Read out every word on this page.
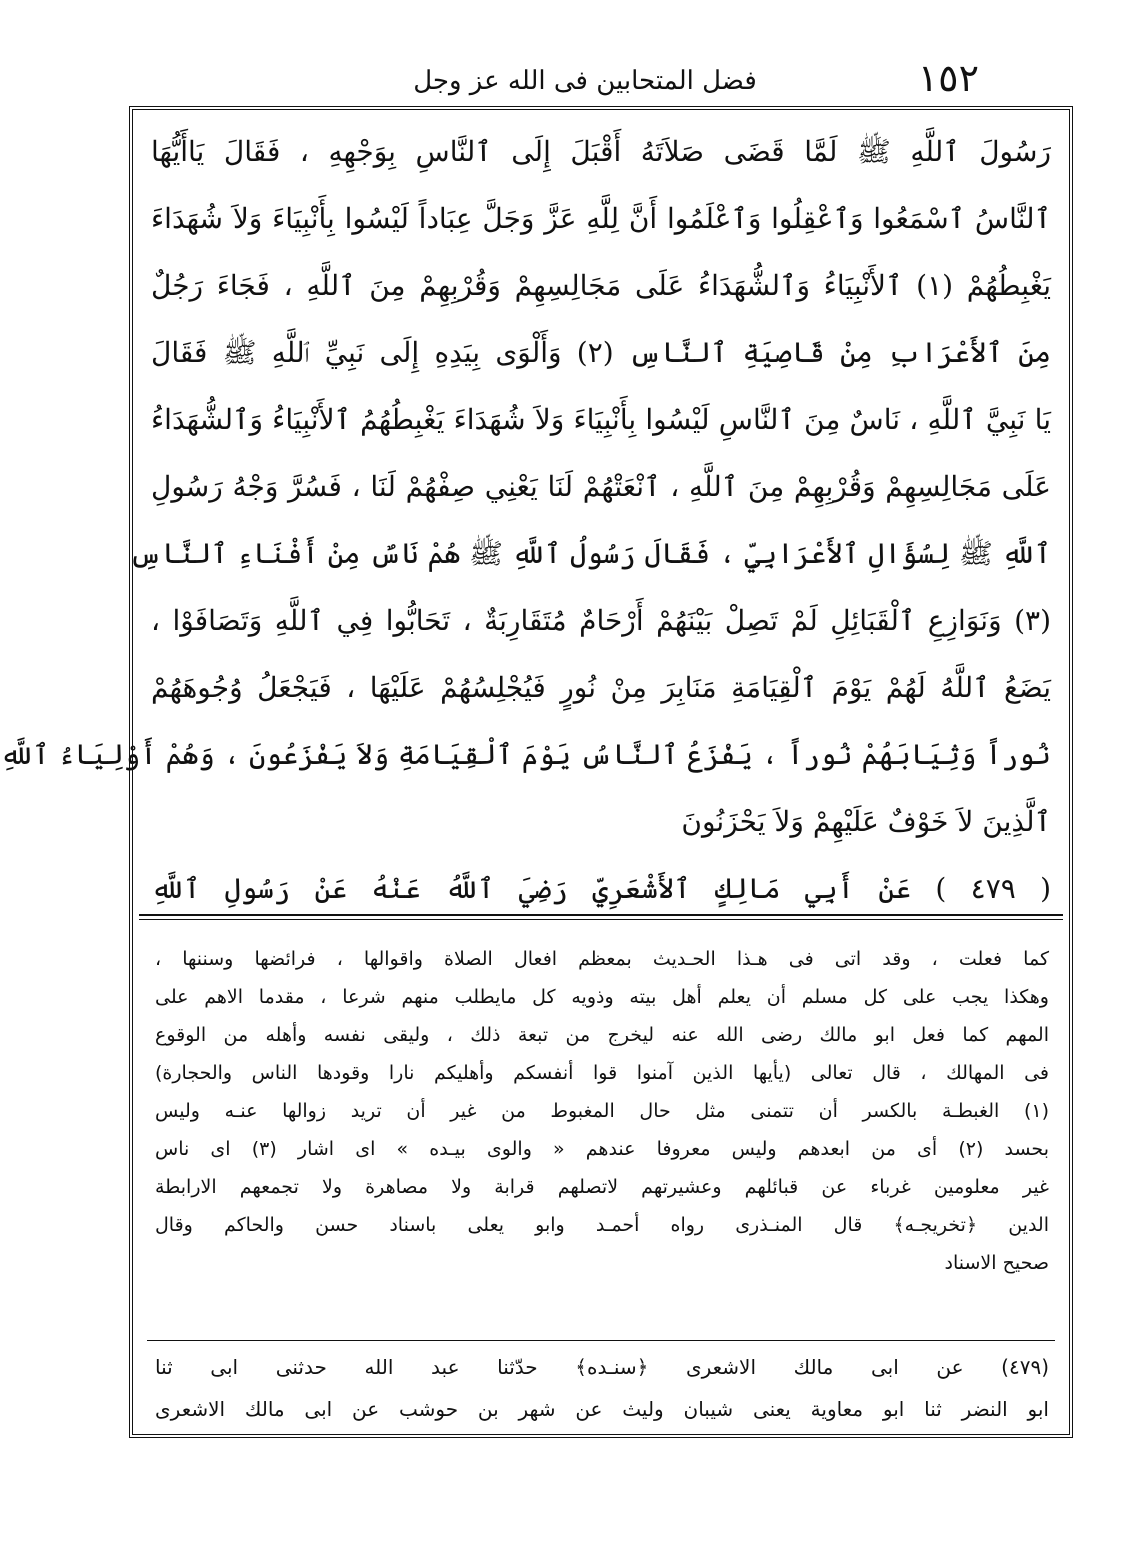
١٥٢
فضل المتحابين فى الله عز وجل
رَسُولَ ٱللَّهِ ﷺ لَمَّا قَضَى صَلاَتَهُ أَقْبَلَ إِلَى ٱلنَّاسِ بِوَجْهِهِ ، فَقَالَ يَاأَيُّهَا
ٱلنَّاسُ ٱسْمَعُوا وَٱعْقِلُوا وَٱعْلَمُوا أَنَّ لِلَّهِ عَزَّ وَجَلَّ عِبَاداً لَيْسُوا بِأَنْبِيَاءَ وَلاَ شُهَدَاءَ
يَغْبِطُهُمْ (١) ٱلأَنْبِيَاءُ وَٱلشُّهَدَاءُ عَلَى مَجَالِسِهِمْ وَقُرْبِهِمْ مِنَ ٱللَّهِ ، فَجَاءَ رَجُلٌ
مِنَ ٱلأَعْرَابِ مِنْ قَاصِيَةِ ٱلنَّاسِ (٢) وَأَلْوَى بِيَدِهِ إِلَى نَبِيِّ ٱللَّهِ ﷺ فَقَالَ
يَا نَبِيَّ ٱللَّهِ ، نَاسٌ مِنَ ٱلنَّاسِ لَيْسُوا بِأَنْبِيَاءَ وَلاَ شُهَدَاءَ يَغْبِطُهُمُ ٱلأَنْبِيَاءُ وَٱلشُّهَدَاءُ
عَلَى مَجَالِسِهِمْ وَقُرْبِهِمْ مِنَ ٱللَّهِ ، ٱنْعَتْهُمْ لَنَا يَعْنِي صِفْهُمْ لَنَا ، فَسُرَّ وَجْهُ رَسُولِ
ٱللَّهِ ﷺ لِسُؤَالِ ٱلأَعْرَابِيِّ ، فَقَالَ رَسُولُ ٱللَّهِ ﷺ هُمْ نَاسٌ مِنْ أَفْنَاءِ ٱلنَّاسِ
(٣) وَنَوَازِعِ ٱلْقَبَائِلِ لَمْ تَصِلْ بَيْنَهُمْ أَرْحَامٌ مُتَقَارِبَةٌ ، تَحَابُّوا فِي ٱللَّهِ وَتَصَافَوْا ،
يَضَعُ ٱللَّهُ لَهُمْ يَوْمَ ٱلْقِيَامَةِ مَنَابِرَ مِنْ نُورٍ فَيُجْلِسُهُمْ عَلَيْهَا ، فَيَجْعَلُ وُجُوهَهُمْ
نُوراً وَثِيَابَهُمْ نُوراً ، يَفْزَعُ ٱلنَّاسُ يَوْمَ ٱلْقِيَامَةِ وَلاَ يَفْزَعُونَ ، وَهُمْ أَوْلِيَاءُ ٱللَّهِ
ٱلَّذِينَ لاَ خَوْفٌ عَلَيْهِمْ وَلاَ يَحْزَنُونَ
( ٤٧٩ ) عَنْ أَبِي مَالِكٍ ٱلأَشْعَرِيِّ رَضِيَ ٱللَّهُ عَنْهُ عَنْ رَسُولِ ٱللَّهِ
كما فعلت ، وقد اتى فى هـذا الحـديث بمعظم افعال الصلاة واقوالها ، فرائضها وسننها ،
وهكذا يجب على كل مسلم أن يعلم أهل بيته وذويه كل مايطلب منهم شرعا ، مقدما الاهم على
المهم كما فعل ابو مالك رضى الله عنه ليخرج من تبعة ذلك ، وليقى نفسه وأهله من الوقوع
فى المهالك ، قال تعالى (يأيها الذين آمنوا قوا أنفسكم وأهليكم نارا وقودها الناس والحجارة)
(١) الغبطـة بالكسر أن تتمنى مثل حال المغبوط من غير أن تريد زوالها عنـه وليس
بحسد (٢) أى من ابعدهم وليس معروفا عندهم « والوى بيـده » اى اشار (٣) اى ناس
غير معلومين غرباء عن قبائلهم وعشيرتهم لاتصلهم قرابة ولا مصاهرة ولا تجمعهم الارابطة
الدين ﴿تخريجـه﴾ قال المنـذرى رواه أحمـد وابو يعلى باسناد حسن والحاكم وقال
صحيح الاسناد
(٤٧٩) عن ابى مالك الاشعرى ﴿سنـده﴾ حدّثنا عبد الله حدثنى ابى ثنا
ابو النضر ثنا ابو معاوية يعنى شيبان وليث عن شهر بن حوشب عن ابى مالك الاشعرى
